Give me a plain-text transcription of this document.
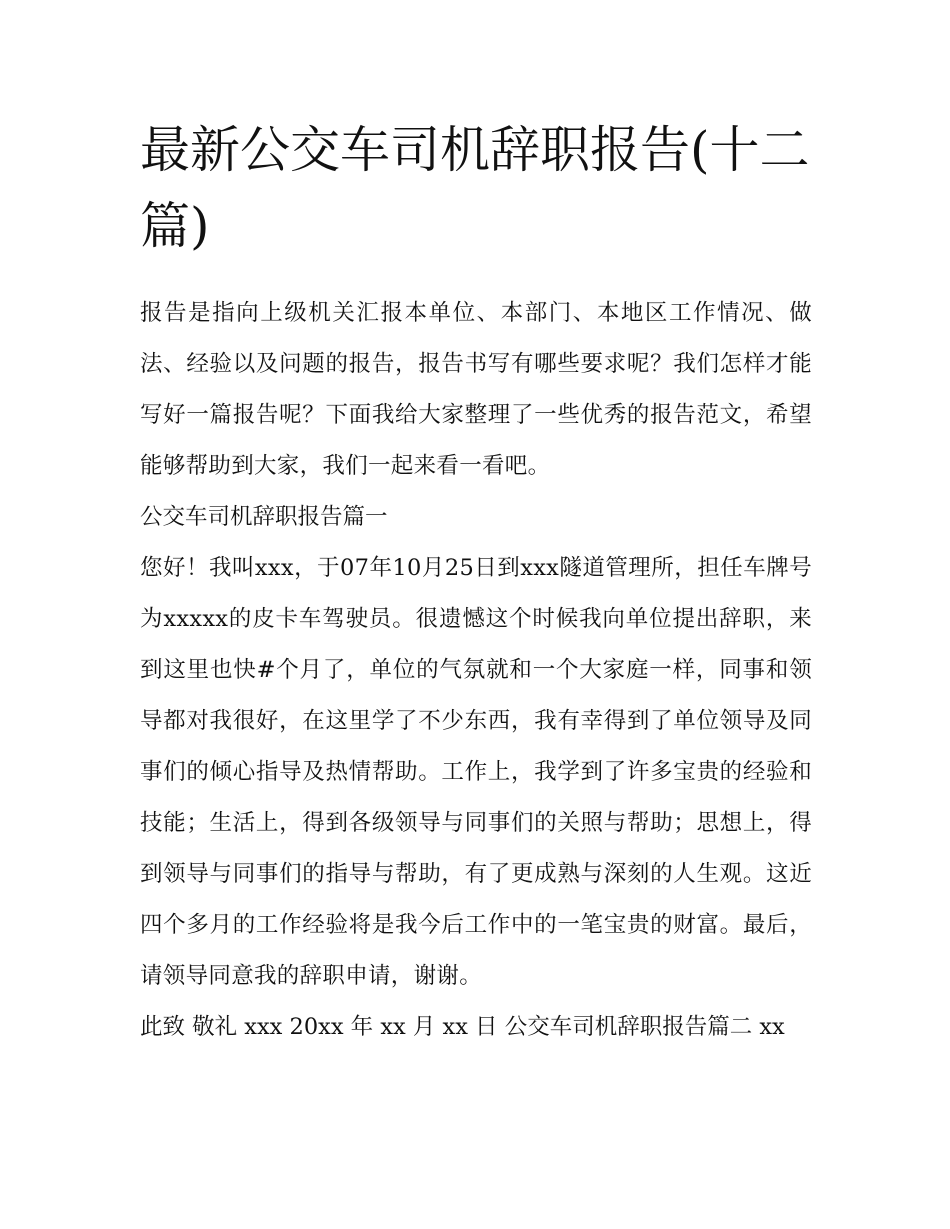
最新公交车司机辞职报告(十二篇)

报告是指向上级机关汇报本单位、本部门、本地区工作情况、做法、经验以及问题的报告，报告书写有哪些要求呢？我们怎样才能写好一篇报告呢？下面我给大家整理了一些优秀的报告范文，希望能够帮助到大家，我们一起来看一看吧。

公交车司机辞职报告篇一

您好！我叫xxx，于07年10月25日到xxx隧道管理所，担任车牌号为xxxxx的皮卡车驾驶员。很遗憾这个时候我向单位提出辞职，来到这里也快#个月了，单位的气氛就和一个大家庭一样，同事和领导都对我很好，在这里学了不少东西，我有幸得到了单位领导及同事们的倾心指导及热情帮助。工作上，我学到了许多宝贵的经验和技能；生活上，得到各级领导与同事们的关照与帮助；思想上，得到领导与同事们的指导与帮助，有了更成熟与深刻的人生观。这近四个多月的工作经验将是我今后工作中的一笔宝贵的财富。最后，请领导同意我的辞职申请，谢谢。

此致 敬礼 xxx 20xx 年 xx 月 xx 日 公交车司机辞职报告篇二 xx
